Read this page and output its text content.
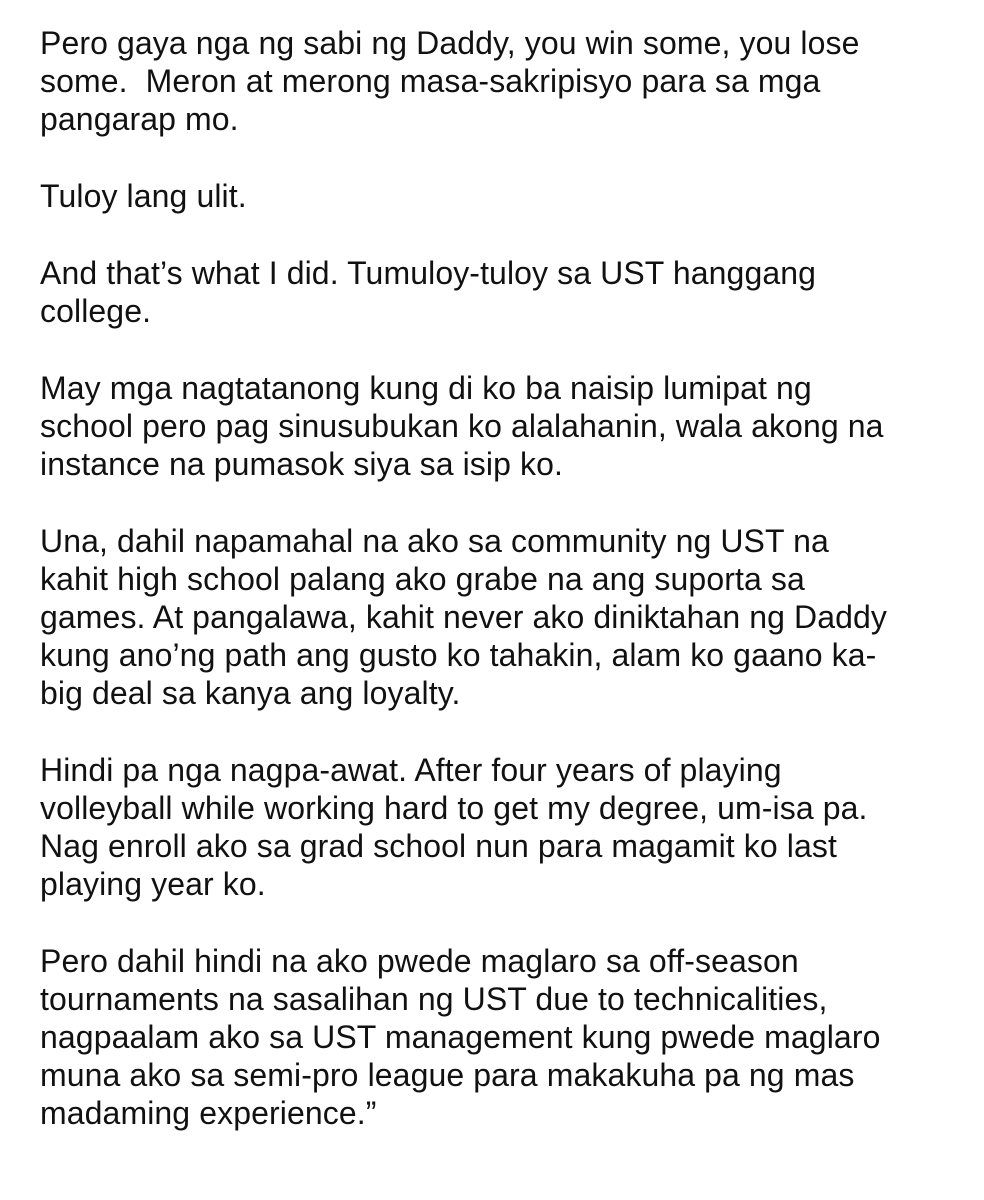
Pero gaya nga ng sabi ng Daddy, you win some, you lose
some.  Meron at merong masa-sakripisyo para sa mga
pangarap mo.

Tuloy lang ulit.

And that’s what I did. Tumuloy-tuloy sa UST hanggang
college.

May mga nagtatanong kung di ko ba naisip lumipat ng
school pero pag sinusubukan ko alalahanin, wala akong na
instance na pumasok siya sa isip ko.

Una, dahil napamahal na ako sa community ng UST na
kahit high school palang ako grabe na ang suporta sa
games. At pangalawa, kahit never ako diniktahan ng Daddy
kung ano’ng path ang gusto ko tahakin, alam ko gaano ka-
big deal sa kanya ang loyalty.

Hindi pa nga nagpa-awat. After four years of playing
volleyball while working hard to get my degree, um-isa pa.
Nag enroll ako sa grad school nun para magamit ko last
playing year ko.

Pero dahil hindi na ako pwede maglaro sa off-season
tournaments na sasalihan ng UST due to technicalities,
nagpaalam ako sa UST management kung pwede maglaro
muna ako sa semi-pro league para makakuha pa ng mas
madaming experience.”
